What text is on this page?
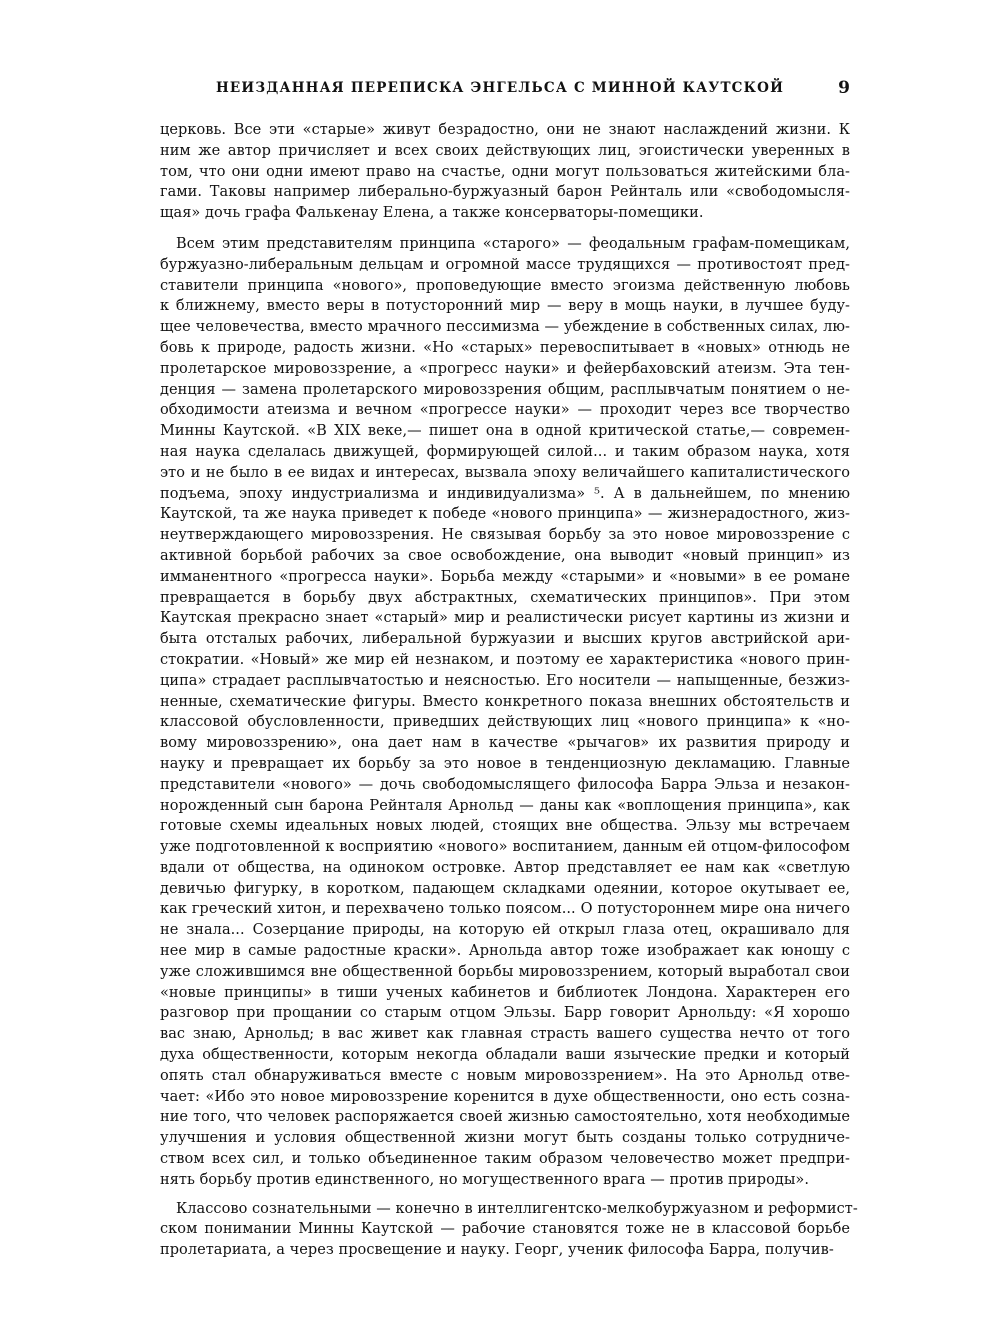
НЕИЗДАННАЯ ПЕРЕПИСКА ЭНГЕЛЬСА С МИННОЙ КАУТСКОЙ	9
церковь. Все эти «старые» живут безрадостно, они не знают наслаждений жизни. К
ним же автор причисляет и всех своих действующих лиц, эгоистически уверенных в
том, что они одни имеют право на счастье, одни могут пользоваться житейскими бла-
гами. Таковы например либерально-буржуазный барон Рейнталь или «свободомысля-
щая» дочь графа Фалькенау Елена, а также консерваторы-помещики.
Всем этим представителям принципа «старого» — феодальным графам-помещикам,
буржуазно-либеральным дельцам и огромной массе трудящихся — противостоят пред-
ставители принципа «нового», проповедующие вместо эгоизма действенную любовь
к ближнему, вместо веры в потусторонний мир — веру в мощь науки, в лучшее буду-
щее человечества, вместо мрачного пессимизма — убеждение в собственных силах, лю-
бовь к природе, радость жизни. «Но «старых» перевоспитывает в «новых» отнюдь не
пролетарское мировоззрение, а «прогресс науки» и фейербаховский атеизм. Эта тен-
денция — замена пролетарского мировоззрения общим, расплывчатым понятием о не-
обходимости атеизма и вечном «прогрессе науки» — проходит через все творчество
Минны Каутской. «В XIX веке,— пишет она в одной критической статье,— современ-
ная наука сделалась движущей, формирующей силой... и таким образом наука, хотя
это и не было в ее видах и интересах, вызвала эпоху величайшего капиталистического
подъема, эпоху индустриализма и индивидуализма» ⁵. А в дальнейшем, по мнению
Каутской, та же наука приведет к победе «нового принципа» — жизнерадостного, жиз-
неутверждающего мировоззрения. Не связывая борьбу за это новое мировоззрение с
активной борьбой рабочих за свое освобождение, она выводит «новый принцип» из
имманентного «прогресса науки». Борьба между «старыми» и «новыми» в ее романе
превращается в борьбу двух абстрактных, схематических принципов». При этом
Каутская прекрасно знает «старый» мир и реалистически рисует картины из жизни и
быта отсталых рабочих, либеральной буржуазии и высших кругов австрийской ари-
стократии. «Новый» же мир ей незнаком, и поэтому ее характеристика «нового прин-
ципа» страдает расплывчатостью и неясностью. Его носители — напыщенные, безжиз-
ненные, схематические фигуры. Вместо конкретного показа внешних обстоятельств и
классовой обусловленности, приведших действующих лиц «нового принципа» к «но-
вому мировоззрению», она дает нам в качестве «рычагов» их развития природу и
науку и превращает их борьбу за это новое в тенденциозную декламацию. Главные
представители «нового» — дочь свободомыслящего философа Барра Эльза и незакон-
норожденный сын барона Рейнталя Арнольд — даны как «воплощения принципа», как
готовые схемы идеальных новых людей, стоящих вне общества. Эльзу мы встречаем
уже подготовленной к восприятию «нового» воспитанием, данным ей отцом-философом
вдали от общества, на одиноком островке. Автор представляет ее нам как «светлую
девичью фигурку, в коротком, падающем складками одеянии, которое окутывает ее,
как греческий хитон, и перехвачено только поясом... О потустороннем мире она ничего
не знала... Созерцание природы, на которую ей открыл глаза отец, окрашивало для
нее мир в самые радостные краски». Арнольда автор тоже изображает как юношу с
уже сложившимся вне общественной борьбы мировоззрением, который выработал свои
«новые принципы» в тиши ученых кабинетов и библиотек Лондона. Характерен его
разговор при прощании со старым отцом Эльзы. Барр говорит Арнольду: «Я хорошо
вас знаю, Арнольд; в вас живет как главная страсть вашего существа нечто от того
духа общественности, которым некогда обладали ваши языческие предки и который
опять стал обнаруживаться вместе с новым мировоззрением». На это Арнольд отве-
чает: «Ибо это новое мировоззрение коренится в духе общественности, оно есть созна-
ние того, что человек распоряжается своей жизнью самостоятельно, хотя необходимые
улучшения и условия общественной жизни могут быть созданы только сотрудниче-
ством всех сил, и только объединенное таким образом человечество может предпри-
нять борьбу против единственного, но могущественного врага — против природы».
Классово сознательными — конечно в интеллигентско-мелкобуржуазном и реформист-
ском понимании Минны Каутской — рабочие становятся тоже не в классовой борьбе
пролетариата, а через просвещение и науку. Георг, ученик философа Барра, получив-
